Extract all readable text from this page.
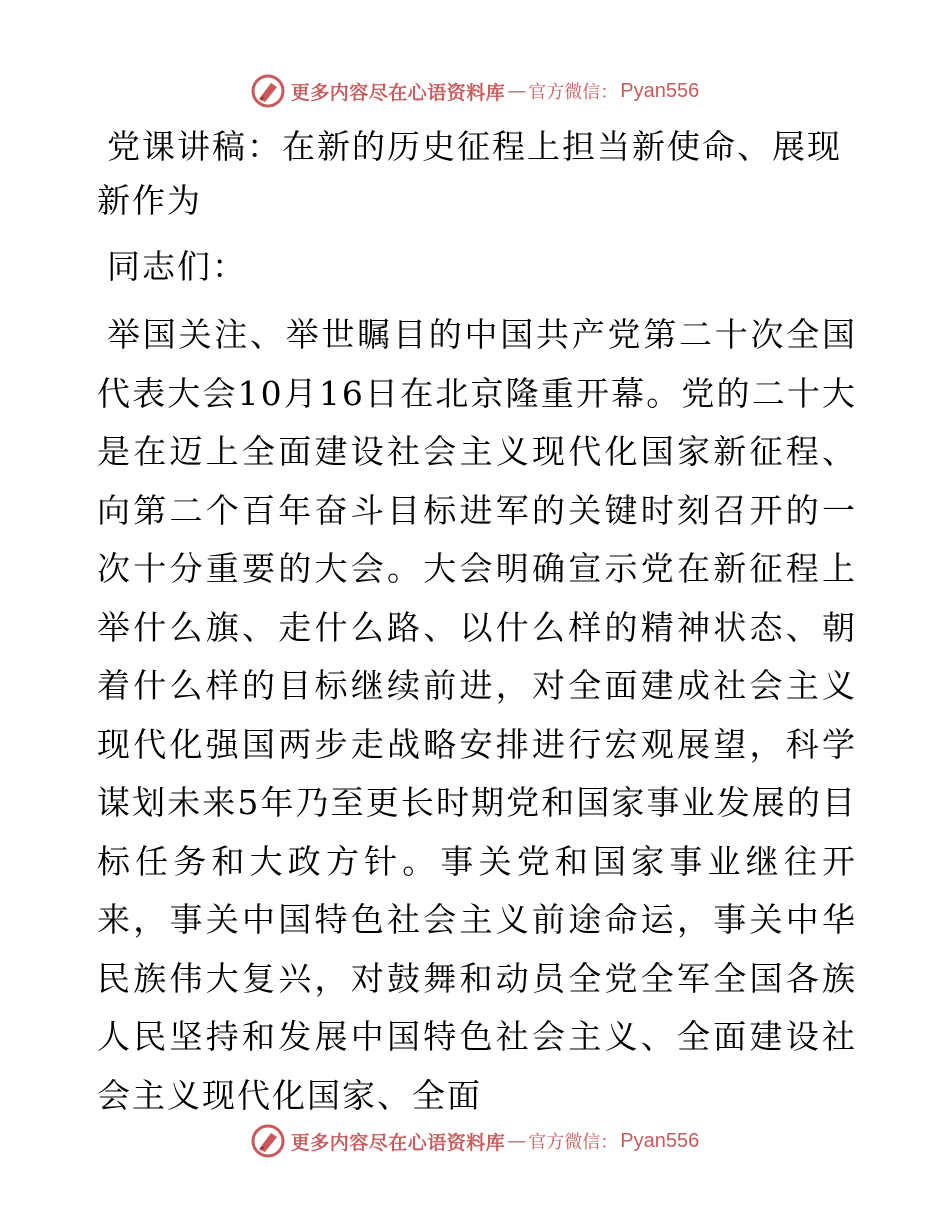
更多内容尽在心语资料库 — 官方微信： Pyan556

党课讲稿：在新的历史征程上担当新使命、展现新作为

同志们：

举国关注、举世瞩目的中国共产党第二十次全国代表大会10月16日在北京隆重开幕。党的二十大是在迈上全面建设社会主义现代化国家新征程、向第二个百年奋斗目标进军的关键时刻召开的一次十分重要的大会。大会明确宣示党在新征程上举什么旗、走什么路、以什么样的精神状态、朝着什么样的目标继续前进，对全面建成社会主义现代化强国两步走战略安排进行宏观展望，科学谋划未来5年乃至更长时期党和国家事业发展的目标任务和大政方针。事关党和国家事业继往开来，事关中国特色社会主义前途命运，事关中华民族伟大复兴，对鼓舞和动员全党全军全国各族人民坚持和发展中国特色社会主义、全面建设社会主义现代化国家、全面

更多内容尽在心语资料库 — 官方微信： Pyan556
